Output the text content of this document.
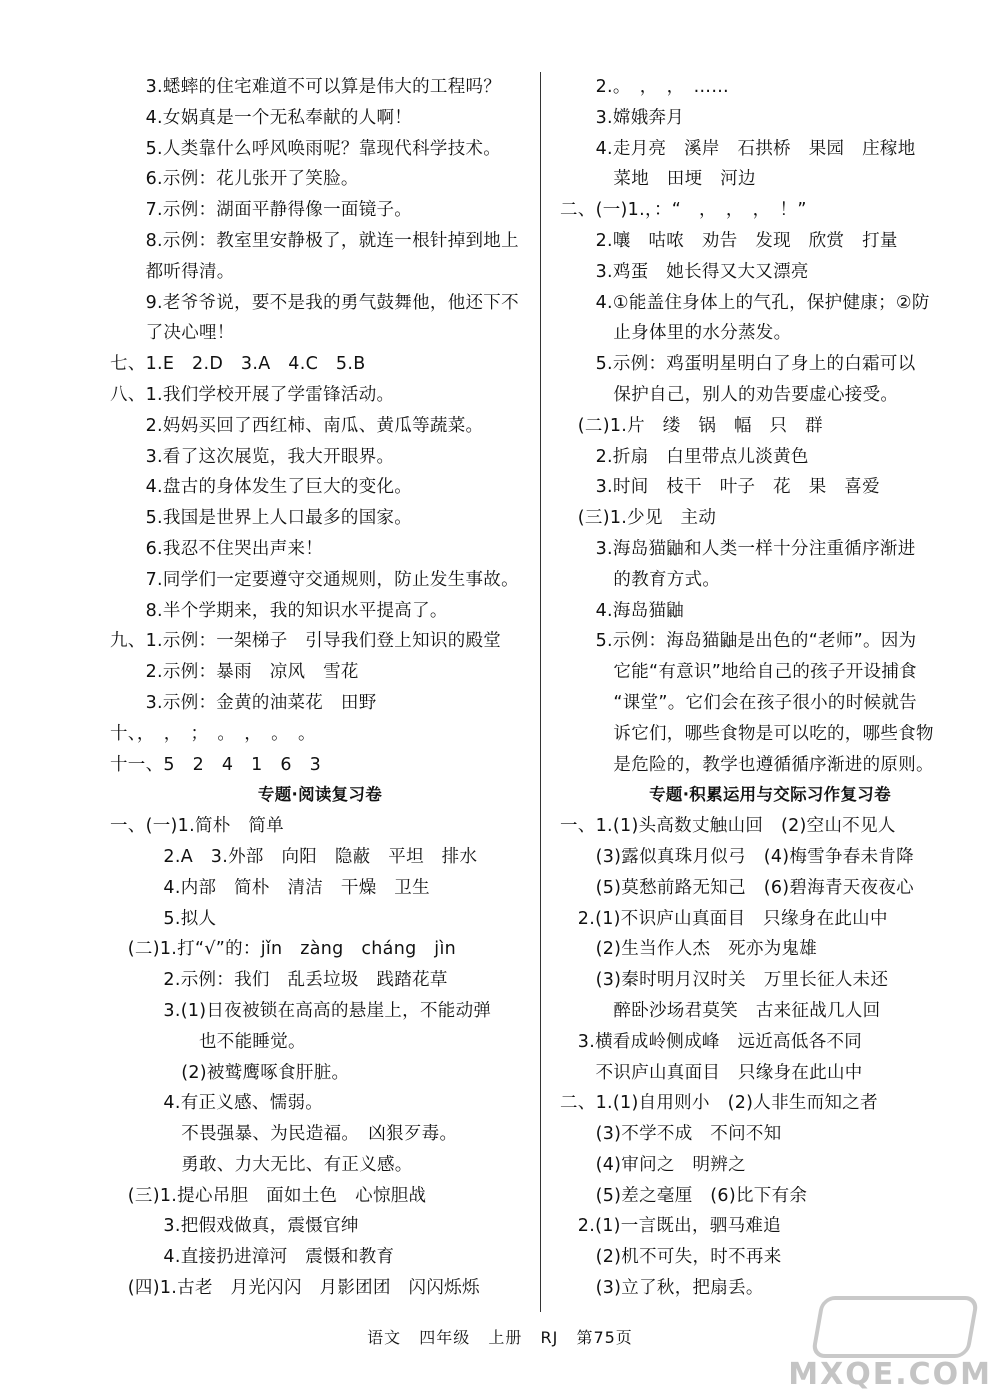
　　3.蟋蟀的住宅难道不可以算是伟大的工程吗？
　　4.女娲真是一个无私奉献的人啊！
　　5.人类靠什么呼风唤雨呢？靠现代科学技术。
　　6.示例：花儿张开了笑脸。
　　7.示例：湖面平静得像一面镜子。
　　8.示例：教室里安静极了，就连一根针掉到地上
　　都听得清。
　　9.老爷爷说，要不是我的勇气鼓舞他，他还下不
　　了决心哩！
七、1.E　2.D　3.A　4.C　5.B
八、1.我们学校开展了学雷锋活动。
　　2.妈妈买回了西红柿、南瓜、黄瓜等蔬菜。
　　3.看了这次展览，我大开眼界。
　　4.盘古的身体发生了巨大的变化。
　　5.我国是世界上人口最多的国家。
　　6.我忍不住哭出声来！
　　7.同学们一定要遵守交通规则，防止发生事故。
　　8.半个学期来，我的知识水平提高了。
九、1.示例：一架梯子　引导我们登上知识的殿堂
　　2.示例：暴雨　凉风　雪花
　　3.示例：金黄的油菜花　田野
十、，　，　；　。　，　。　。
十一、5　2　4　1　6　3
专题·阅读复习卷
一、(一)1.简朴　简单
　　　2.A　3.外部　向阳　隐蔽　平坦　排水
　　　4.内部　简朴　清洁　干燥　卫生
　　　5.拟人
　(二)1.打“√”的：jǐn　zàng　cháng　jìn
　　　2.示例：我们　乱丢垃圾　践踏花草
　　　3.(1)日夜被锁在高高的悬崖上，不能动弹
　　　　　也不能睡觉。
　　　　(2)被鹫鹰啄食肝脏。
　　　4.有正义感、懦弱。
　　　　不畏强暴、为民造福。　凶狠歹毒。
　　　　勇敢、力大无比、有正义感。
　(三)1.提心吊胆　面如土色　心惊胆战
　　　3.把假戏做真，震慑官绅
　　　4.直接扔进漳河　震慑和教育
　(四)1.古老　月光闪闪　月影团团　闪闪烁烁
　　2.。　，　，　……
　　3.嫦娥奔月
　　4.走月亮　溪岸　石拱桥　果园　庄稼地
　　　菜地　田埂　河边
二、(一)1.，：“　，　，　，　！”
　　2.嚷　咕哝　劝告　发现　欣赏　打量
　　3.鸡蛋　她长得又大又漂亮
　　4.①能盖住身体上的气孔，保护健康；②防
　　　止身体里的水分蒸发。
　　5.示例：鸡蛋明星明白了身上的白霜可以
　　　保护自己，别人的劝告要虚心接受。
　(二)1.片　缕　锅　幅　只　群
　　2.折扇　白里带点儿淡黄色
　　3.时间　枝干　叶子　花　果　喜爱
　(三)1.少见　主动
　　3.海岛猫鼬和人类一样十分注重循序渐进
　　　的教育方式。
　　4.海岛猫鼬
　　5.示例：海岛猫鼬是出色的“老师”。因为
　　　它能“有意识”地给自己的孩子开设捕食
　　　“课堂”。它们会在孩子很小的时候就告
　　　诉它们，哪些食物是可以吃的，哪些食物
　　　是危险的，教学也遵循循序渐进的原则。
专题·积累运用与交际习作复习卷
一、1.(1)头高数丈触山回　(2)空山不见人
　　(3)露似真珠月似弓　(4)梅雪争春未肯降
　　(5)莫愁前路无知己　(6)碧海青天夜夜心
　2.(1)不识庐山真面目　只缘身在此山中
　　(2)生当作人杰　死亦为鬼雄
　　(3)秦时明月汉时关　万里长征人未还
　　　醉卧沙场君莫笑　古来征战几人回
　3.横看成岭侧成峰　远近高低各不同
　　不识庐山真面目　只缘身在此山中
二、1.(1)自用则小　(2)人非生而知之者
　　(3)不学不成　不问不知
　　(4)审问之　明辨之
　　(5)差之毫厘　(6)比下有余
　2.(1)一言既出，驷马难追
　　(2)机不可失，时不再来
　　(3)立了秋，把扇丢。
语文 四年级 上册 RJ 第75页
MXQE.COM
